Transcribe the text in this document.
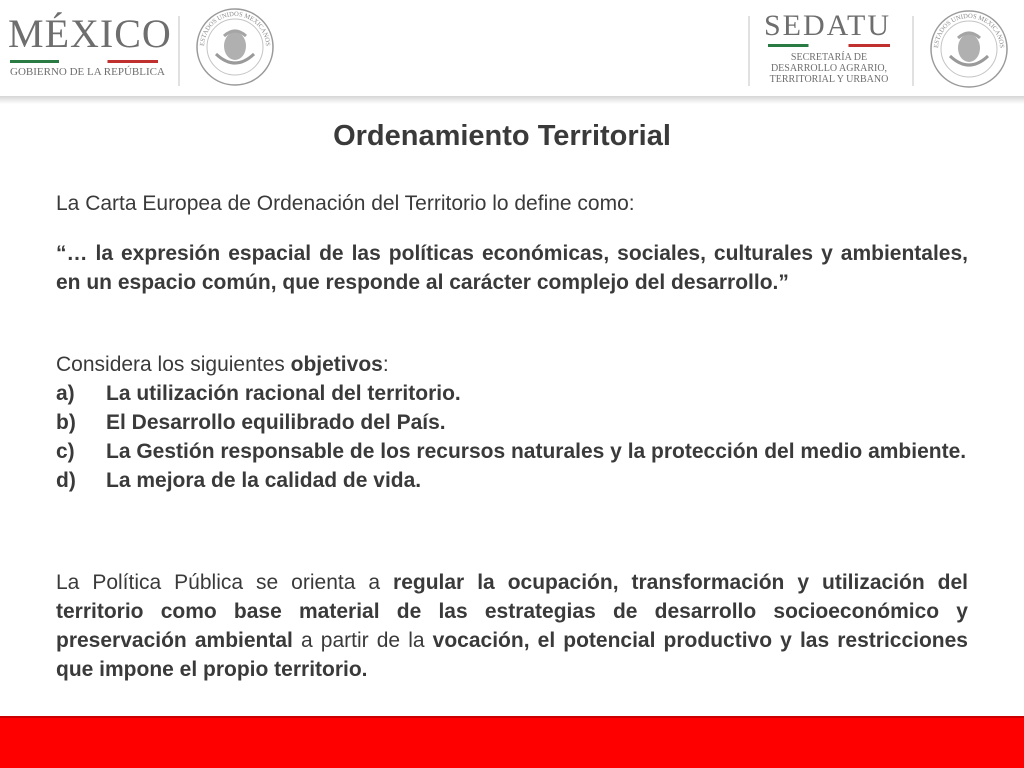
MÉXICO
GOBIERNO DE LA REPÚBLICA
ESTADOS UNIDOS MEXICANOS
SEDATU
SECRETARÍA DE
DESARROLLO AGRARIO,
TERRITORIAL Y URBANO
ESTADOS UNIDOS MEXICANOS
Ordenamiento Territorial

La Carta Europea de Ordenación del Territorio lo define como:

“… la expresión espacial de las políticas económicas, sociales, culturales y ambientales, en un espacio común, que responde al carácter complejo del desarrollo.”

Considera los siguientes objetivos:

a)	La utilización racional del territorio.
b)	El Desarrollo equilibrado del País.
c)	La Gestión responsable de los recursos naturales y la protección del medio ambiente.
d)	La mejora de la calidad de vida.

La Política Pública se orienta a regular la ocupación, transformación y utilización del territorio como base material de las estrategias de desarrollo socioeconómico y preservación ambiental a partir de la vocación, el potencial productivo y las restricciones que impone el propio territorio.
